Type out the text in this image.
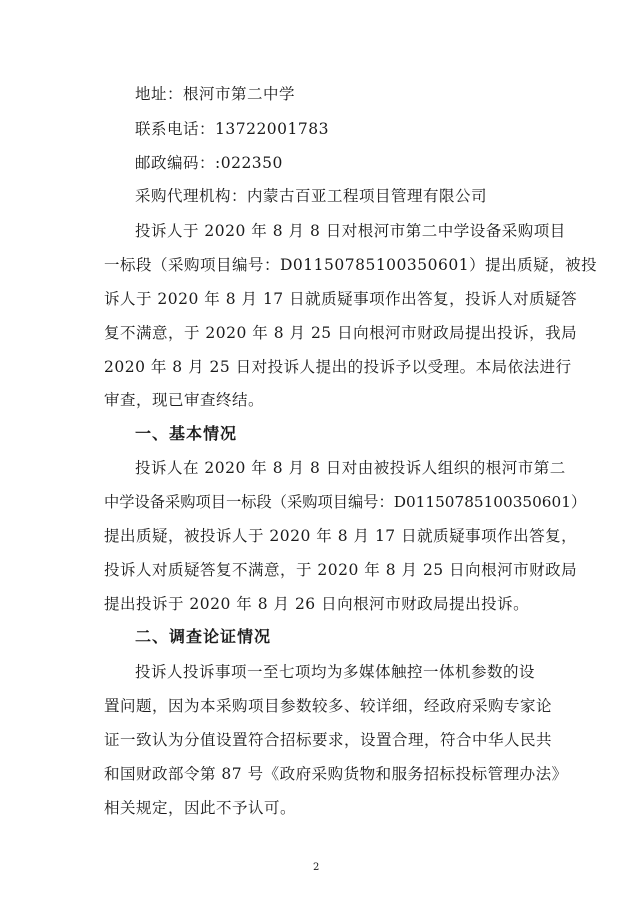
地址：根河市第二中学
联系电话：13722001783
邮政编码：:022350
采购代理机构：内蒙古百亚工程项目管理有限公司
投诉人于 2020 年 8 月 8 日对根河市第二中学设备采购项目
一标段（采购项目编号：D01150785100350601）提出质疑，被投
诉人于 2020 年 8 月 17 日就质疑事项作出答复，投诉人对质疑答
复不满意，于 2020 年 8 月 25 日向根河市财政局提出投诉，我局
2020 年 8 月 25 日对投诉人提出的投诉予以受理。本局依法进行
审查，现已审查终结。
一、基本情况
投诉人在 2020 年 8 月 8 日对由被投诉人组织的根河市第二
中学设备采购项目一标段（采购项目编号：D01150785100350601）
提出质疑，被投诉人于 2020 年 8 月 17 日就质疑事项作出答复，
投诉人对质疑答复不满意，于 2020 年 8 月 25 日向根河市财政局
提出投诉于 2020 年 8 月 26 日向根河市财政局提出投诉。
二、调查论证情况
投诉人投诉事项一至七项均为多媒体触控一体机参数的设
置问题，因为本采购项目参数较多、较详细，经政府采购专家论
证一致认为分值设置符合招标要求，设置合理，符合中华人民共
和国财政部令第 87 号《政府采购货物和服务招标投标管理办法》
相关规定，因此不予认可。
2
